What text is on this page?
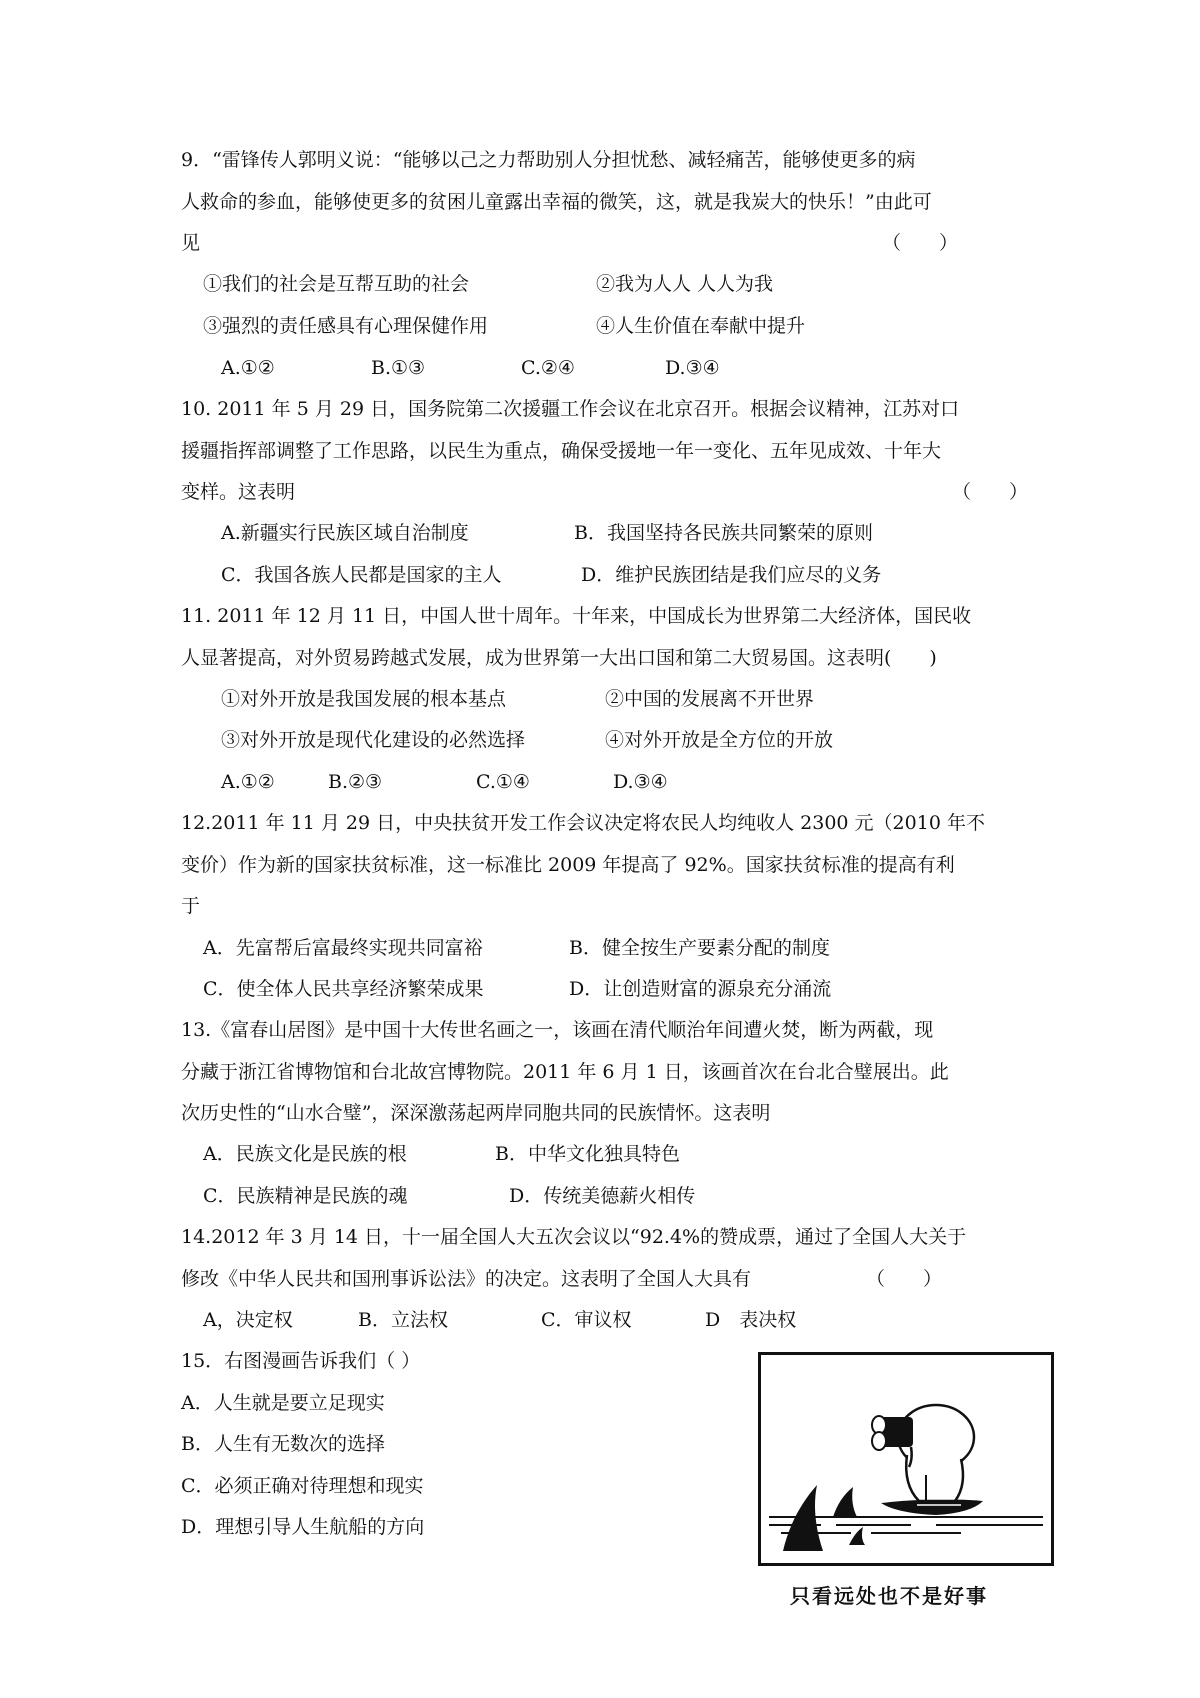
9．“雷锋传人郭明义说：“能够以己之力帮助别人分担忧愁、减轻痛苦，能够使更多的病
人救命的参血，能够使更多的贫困儿童露出幸福的微笑，这，就是我炭大的快乐！”由此可
见	（　　）
①我们的社会是互帮互助的社会	②我为人人 人人为我
③强烈的责任感具有心理保健作用	④人生价值在奉献中提升
A.①②	B.①③	C.②④	D.③④
10. 2011 年 5 月 29 日，国务院第二次援疆工作会议在北京召开。根据会议精神，江苏对口
援疆指挥部调整了工作思路，以民生为重点，确保受援地一年一变化、五年见成效、十年大
变样。这表明	（　　）
A.新疆实行民族区域自治制度	B．我国坚持各民族共同繁荣的原则
C．我国各族人民都是国家的主人	D．维护民族团结是我们应尽的义务
11. 2011 年 12 月 11 日，中国人世十周年。十年来，中国成长为世界第二大经济体，国民收
人显著提高，对外贸易跨越式发展，成为世界第一大出口国和第二大贸易国。这表明(　　)
①对外开放是我国发展的根本基点	②中国的发展离不开世界
③对外开放是现代化建设的必然选择	④对外开放是全方位的开放
A.①②	B.②③	C.①④	D.③④
12.2011 年 11 月 29 日，中央扶贫开发工作会议决定将农民人均纯收人 2300 元（2010 年不
变价）作为新的国家扶贫标准，这一标准比 2009 年提高了 92%。国家扶贫标准的提高有利
于
A．先富帮后富最终实现共同富裕	B．健全按生产要素分配的制度
C．使全体人民共享经济繁荣成果	D．让创造财富的源泉充分涌流
13.《富春山居图》是中国十大传世名画之一，该画在清代顺治年间遭火焚，断为两截，现
分藏于浙江省博物馆和台北故宫博物院。2011 年 6 月 1 日，该画首次在台北合璧展出。此
次历史性的“山水合璧”，深深激荡起两岸同胞共同的民族情怀。这表明
A．民族文化是民族的根	B．中华文化独具特色
C．民族精神是民族的魂	D．传统美德薪火相传
14.2012 年 3 月 14 日，十一届全国人大五次会议以“92.4%的赞成票，通过了全国人大关于
修改《中华人民共和国刑事诉讼法》的决定。这表明了全国人大具有	（　　）
A，决定权	B．立法权	C．审议权	D　表决权
15．右图漫画告诉我们（ ）
A．人生就是要立足现实
B．人生有无数次的选择
C．必须正确对待理想和现实
D．理想引导人生航船的方向
只看远处也不是好事
